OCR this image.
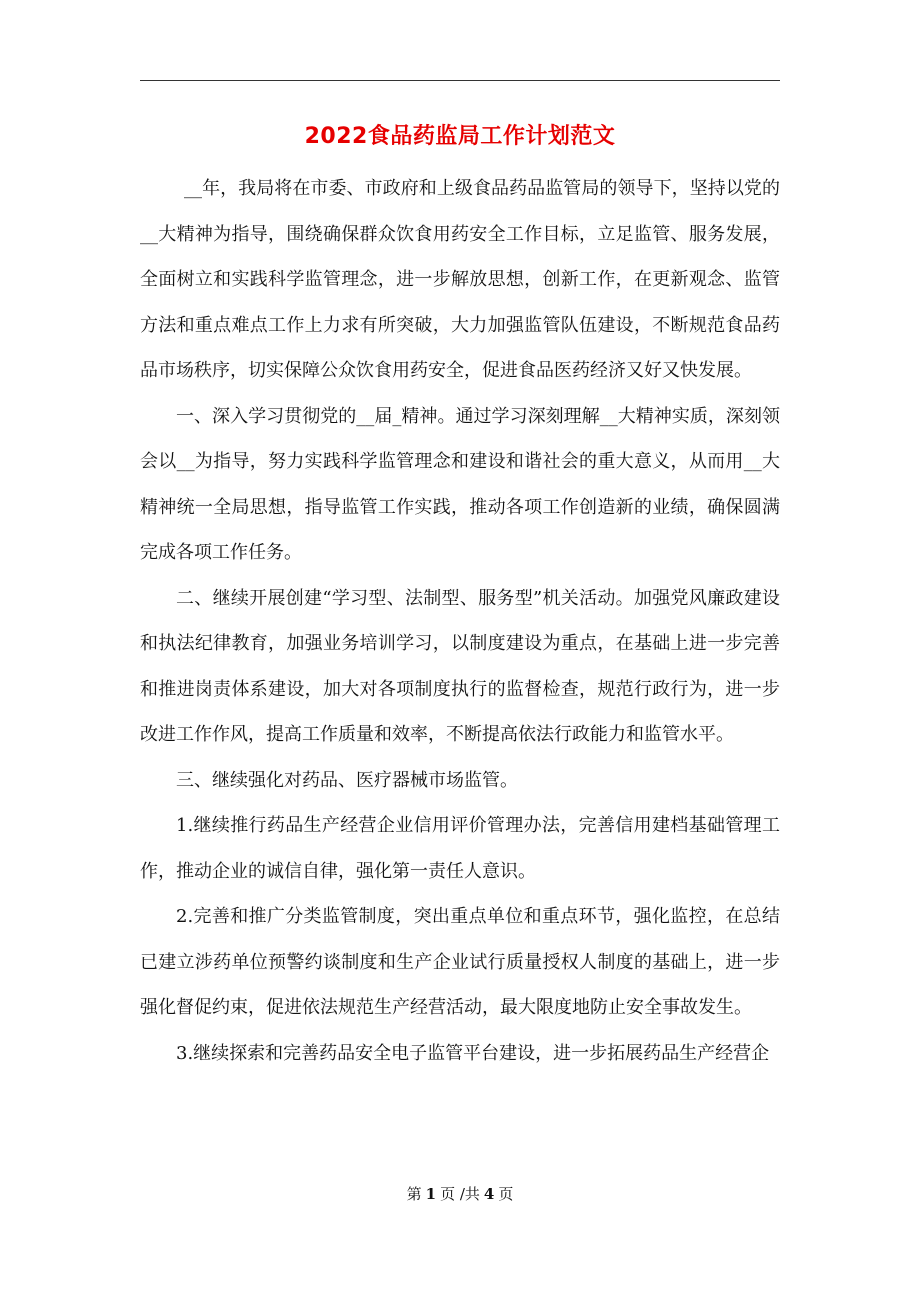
2022食品药监局工作计划范文

__年，我局将在市委、市政府和上级食品药品监管局的领导下，坚持以党的__大精神为指导，围绕确保群众饮食用药安全工作目标，立足监管、服务发展，全面树立和实践科学监管理念，进一步解放思想，创新工作，在更新观念、监管方法和重点难点工作上力求有所突破，大力加强监管队伍建设，不断规范食品药品市场秩序，切实保障公众饮食用药安全，促进食品医药经济又好又快发展。

一、深入学习贯彻党的__届_精神。通过学习深刻理解__大精神实质，深刻领会以__为指导，努力实践科学监管理念和建设和谐社会的重大意义，从而用__大精神统一全局思想，指导监管工作实践，推动各项工作创造新的业绩，确保圆满完成各项工作任务。

二、继续开展创建“学习型、法制型、服务型”机关活动。加强党风廉政建设和执法纪律教育，加强业务培训学习，以制度建设为重点，在基础上进一步完善和推进岗责体系建设，加大对各项制度执行的监督检查，规范行政行为，进一步改进工作作风，提高工作质量和效率，不断提高依法行政能力和监管水平。

三、继续强化对药品、医疗器械市场监管。

1.继续推行药品生产经营企业信用评价管理办法，完善信用建档基础管理工作，推动企业的诚信自律，强化第一责任人意识。

2.完善和推广分类监管制度，突出重点单位和重点环节，强化监控，在总结已建立涉药单位预警约谈制度和生产企业试行质量授权人制度的基础上，进一步强化督促约束，促进依法规范生产经营活动，最大限度地防止安全事故发生。

3.继续探索和完善药品安全电子监管平台建设，进一步拓展药品生产经营企

第 1 页 /共 4 页
